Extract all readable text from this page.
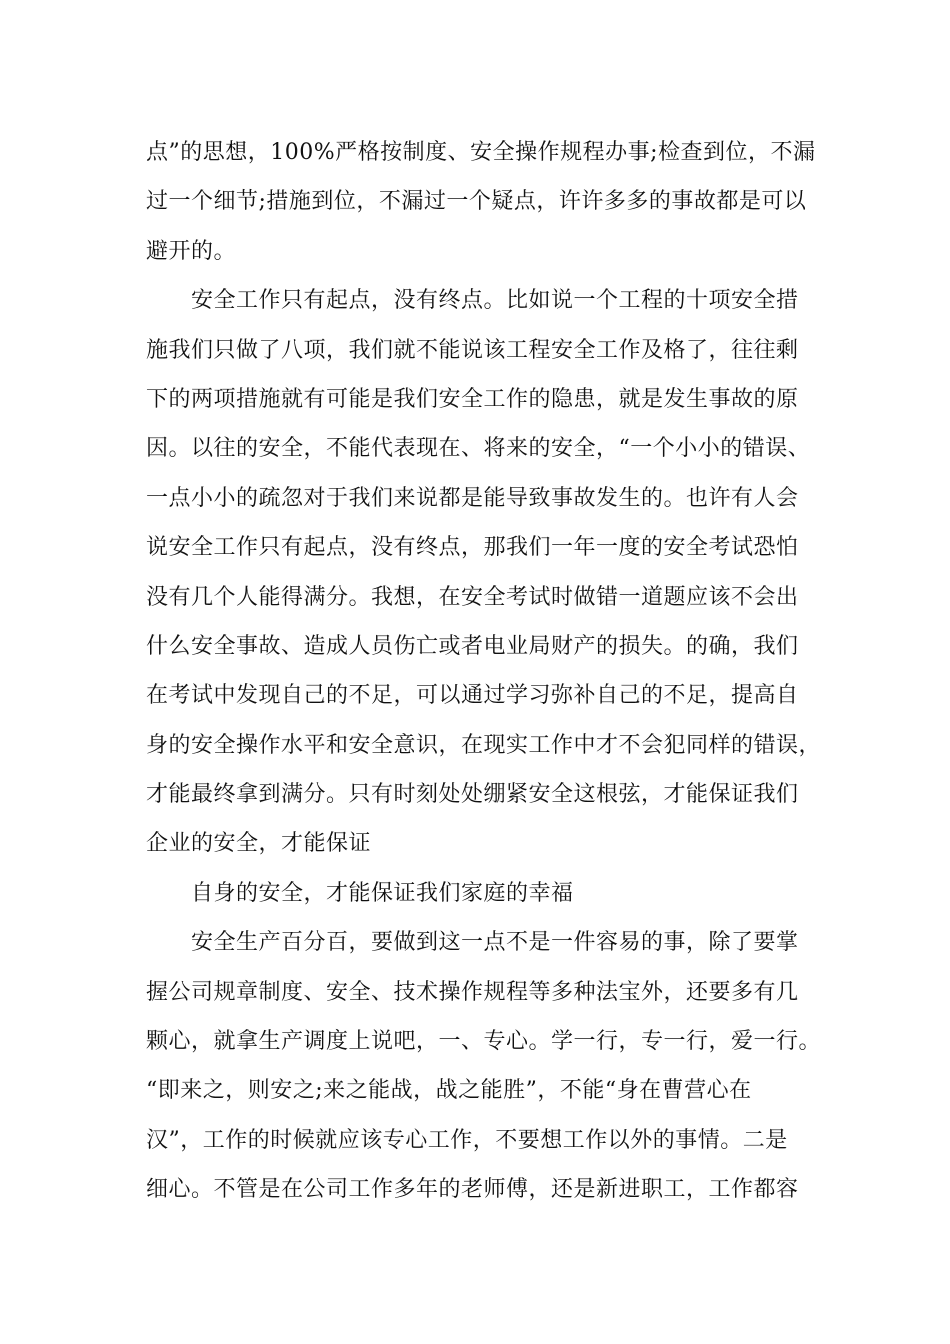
点”的思想，100%严格按制度、安全操作规程办事;检查到位，不漏
过一个细节;措施到位，不漏过一个疑点，许许多多的事故都是可以
避开的。
　　安全工作只有起点，没有终点。比如说一个工程的十项安全措
施我们只做了八项，我们就不能说该工程安全工作及格了，往往剩
下的两项措施就有可能是我们安全工作的隐患，就是发生事故的原
因。以往的安全，不能代表现在、将来的安全，“一个小小的错误、
一点小小的疏忽对于我们来说都是能导致事故发生的。也许有人会
说安全工作只有起点，没有终点，那我们一年一度的安全考试恐怕
没有几个人能得满分。我想，在安全考试时做错一道题应该不会出
什么安全事故、造成人员伤亡或者电业局财产的损失。的确，我们
在考试中发现自己的不足，可以通过学习弥补自己的不足，提高自
身的安全操作水平和安全意识，在现实工作中才不会犯同样的错误，
才能最终拿到满分。只有时刻处处绷紧安全这根弦，才能保证我们
企业的安全，才能保证
　　自身的安全，才能保证我们家庭的幸福
　　安全生产百分百，要做到这一点不是一件容易的事，除了要掌
握公司规章制度、安全、技术操作规程等多种法宝外，还要多有几
颗心，就拿生产调度上说吧，一、专心。学一行，专一行，爱一行。
“即来之，则安之;来之能战，战之能胜”，不能“身在曹营心在
汉”，工作的时候就应该专心工作，不要想工作以外的事情。二是
细心。不管是在公司工作多年的老师傅，还是新进职工，工作都容
